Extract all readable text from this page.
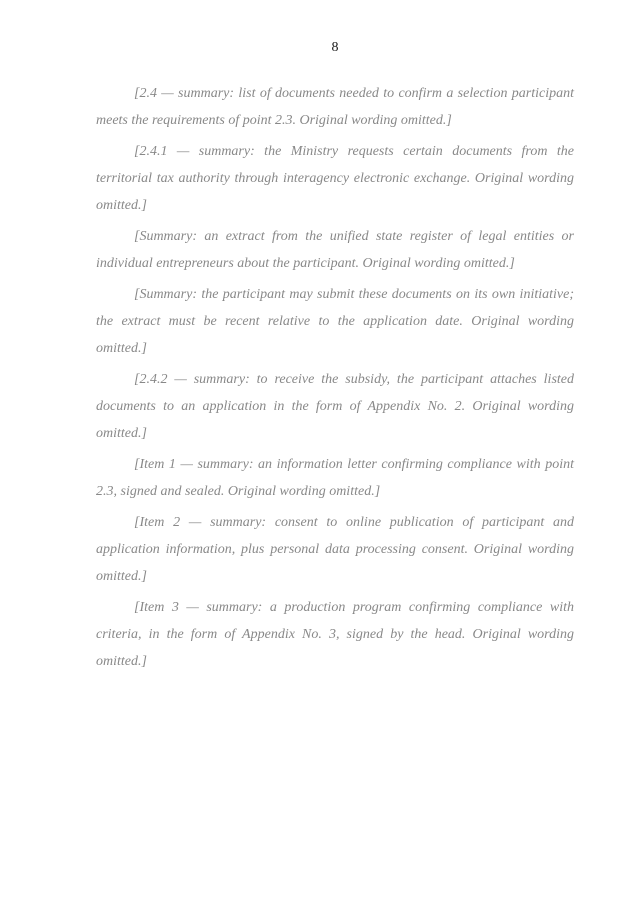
8

[2.4 — summary: list of documents needed to confirm a selection participant meets the requirements of point 2.3. Original wording omitted.]

[2.4.1 — summary: the Ministry requests certain documents from the territorial tax authority through interagency electronic exchange. Original wording omitted.]

[Summary: an extract from the unified state register of legal entities or individual entrepreneurs about the participant. Original wording omitted.]

[Summary: the participant may submit these documents on its own initiative; the extract must be recent relative to the application date. Original wording omitted.]

[2.4.2 — summary: to receive the subsidy, the participant attaches listed documents to an application in the form of Appendix No. 2. Original wording omitted.]

[Item 1 — summary: an information letter confirming compliance with point 2.3, signed and sealed. Original wording omitted.]

[Item 2 — summary: consent to online publication of participant and application information, plus personal data processing consent. Original wording omitted.]

[Item 3 — summary: a production program confirming compliance with criteria, in the form of Appendix No. 3, signed by the head. Original wording omitted.]
